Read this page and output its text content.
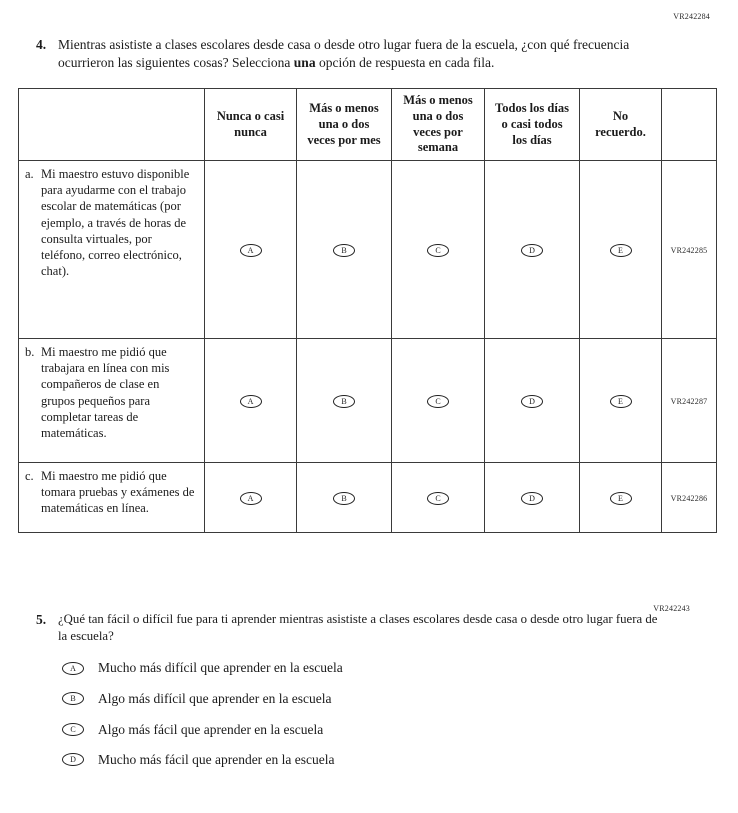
VR242284
4. Mientras asististe a clases escolares desde casa o desde otro lugar fuera de la escuela, ¿con qué frecuencia ocurrieron las siguientes cosas? Selecciona una opción de respuesta en cada fila.
	Nunca o casi nunca	Más o menos una o dos veces por mes	Más o menos una o dos veces por semana	Todos los días o casi todos los días	No recuerdo.	

a. Mi maestro estuvo disponible para ayudarme con el trabajo escolar de matemáticas (por ejemplo, a través de horas de consulta virtuales, por teléfono, correo electrónico, chat).	A	B	C	D	E	VR242285

b. Mi maestro me pidió que trabajara en línea con mis compañeros de clase en grupos pequeños para completar tareas de matemáticas.	A	B	C	D	E	VR242287

c. Mi maestro me pidió que tomara pruebas y exámenes de matemáticas en línea.	A	B	C	D	E	VR242286
VR242243
5. ¿Qué tan fácil o difícil fue para ti aprender mientras asististe a clases escolares desde casa o desde otro lugar fuera de la escuela?
A	Mucho más difícil que aprender en la escuela
B	Algo más difícil que aprender en la escuela
C	Algo más fácil que aprender en la escuela
D	Mucho más fácil que aprender en la escuela
